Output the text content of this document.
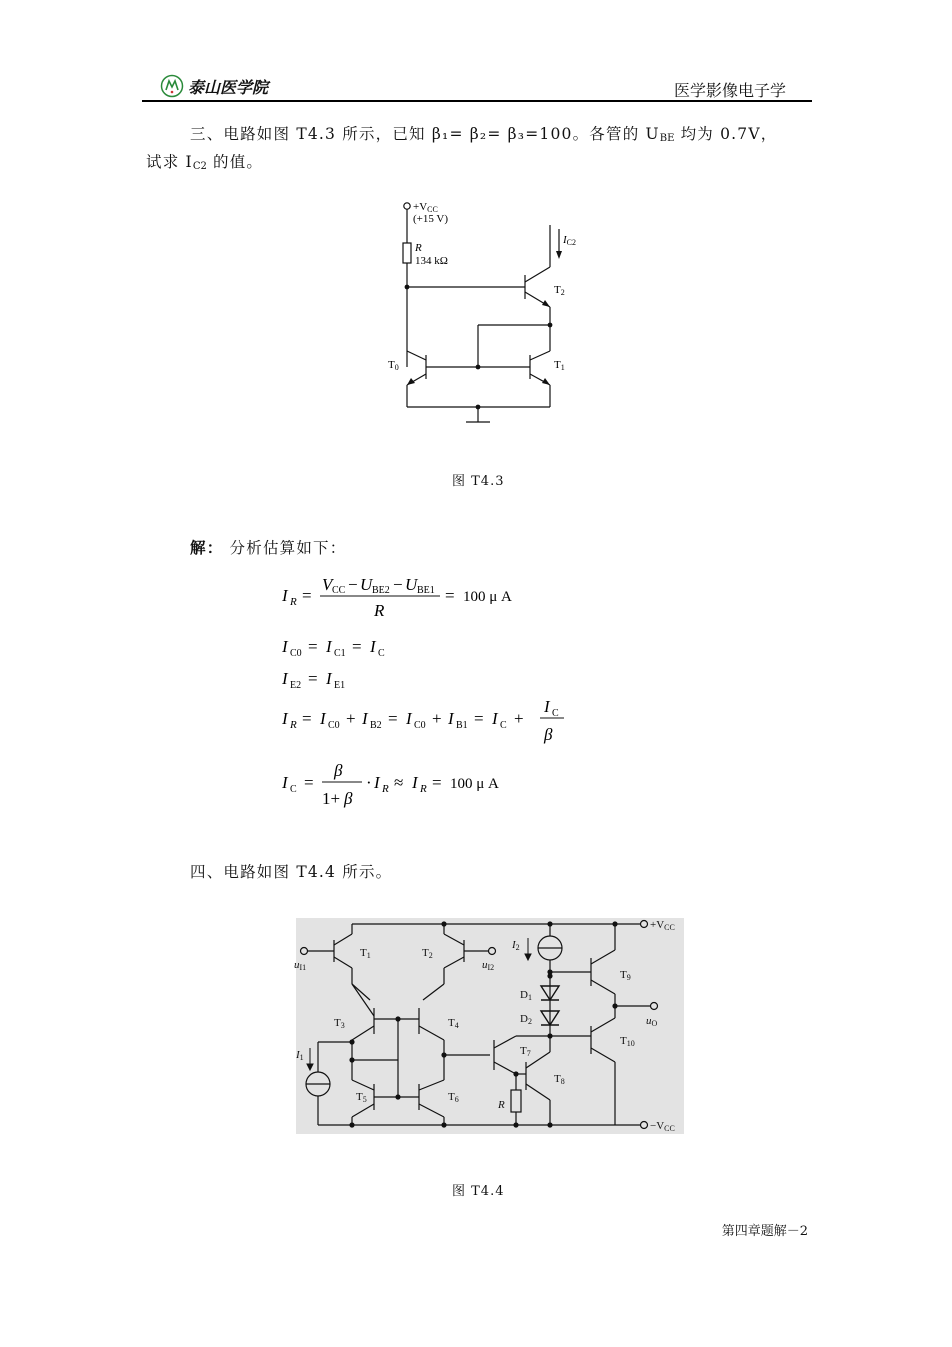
泰山医学院	医学影像电子学
三、电路如图 T4.3 所示，已知 β₁= β₂= β₃=100。各管的 $U_{BE}$ 均为 0.7V，
试求 $I_{C2}$ 的值。
+VCC
(+15 V)
R
134 kΩ
IC2
T2
T0	T1
图 T4.3
解： 分析估算如下：
I R =
V CC − U BE2 − U BE1
R
= 100 μ A
I C0 = I C1 = I C
I E2 = I E1
I R = I C0 + I B2 = I C0 + I B1 = I C +
I C
β
I C =
β
1+ β
· I R ≈ I R = 100 μ A
四、电路如图 T4.4 所示。
T1	T2
T3	T4
T5	T6
T7
T8
T9
T10
+VCC
−VCC
uI1	uI2
uO
I1
I2
R
D1
D2
图 T4.4
第四章题解－2
